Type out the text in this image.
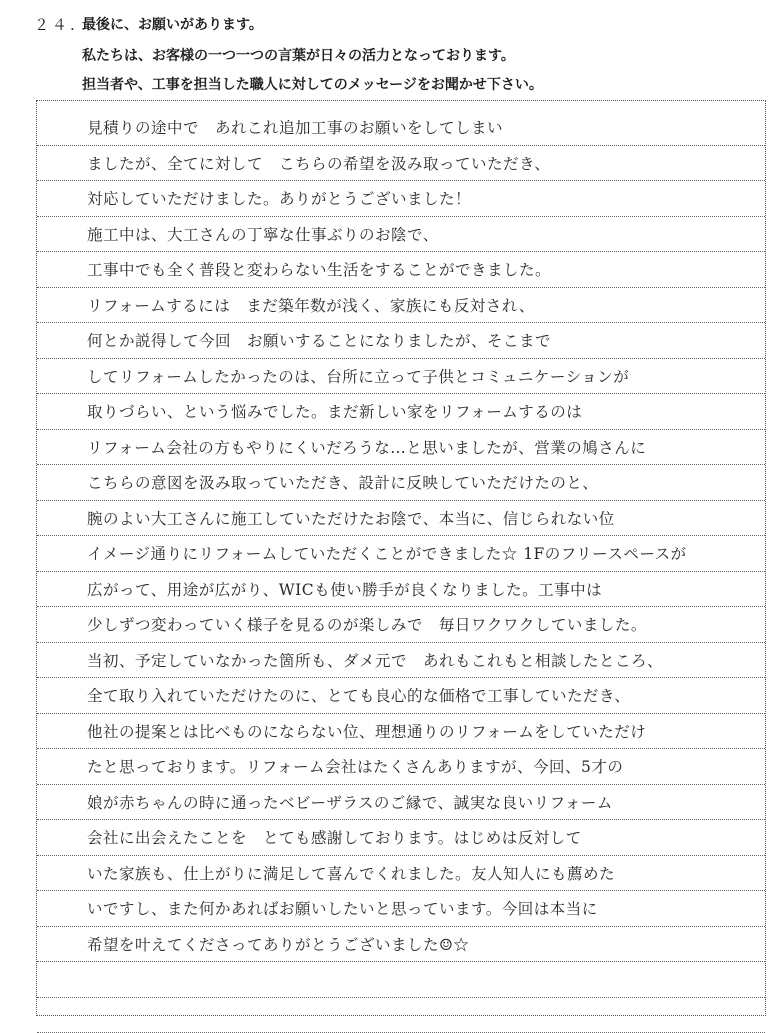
２４. 最後に、お願いがあります。
私たちは、お客様の一つ一つの言葉が日々の活力となっております。
担当者や、工事を担当した職人に対してのメッセージをお聞かせ下さい。
見積りの途中で　あれこれ追加工事のお願いをしてしまい
ましたが、全てに対して　こちらの希望を汲み取っていただき、
対応していただけました。ありがとうございました！
施工中は、大工さんの丁寧な仕事ぶりのお陰で、
工事中でも全く普段と変わらない生活をすることができました。
リフォームするには　まだ築年数が浅く、家族にも反対され、
何とか説得して今回　お願いすることになりましたが、そこまで
してリフォームしたかったのは、台所に立って子供とコミュニケーションが
取りづらい、という悩みでした。まだ新しい家をリフォームするのは
リフォーム会社の方もやりにくいだろうな…と思いましたが、営業の鳩さんに
こちらの意図を汲み取っていただき、設計に反映していただけたのと、
腕のよい大工さんに施工していただけたお陰で、本当に、信じられない位
イメージ通りにリフォームしていただくことができました☆ 1Fのフリースペースが
広がって、用途が広がり、WICも使い勝手が良くなりました。工事中は
少しずつ変わっていく様子を見るのが楽しみで　毎日ワクワクしていました。
当初、予定していなかった箇所も、ダメ元で　あれもこれもと相談したところ、
全て取り入れていただけたのに、とても良心的な価格で工事していただき、
他社の提案とは比べものにならない位、理想通りのリフォームをしていただけ
たと思っております。リフォーム会社はたくさんありますが、今回、5才の
娘が赤ちゃんの時に通ったベビーザラスのご縁で、誠実な良いリフォーム
会社に出会えたことを　とても感謝しております。はじめは反対して
いた家族も、仕上がりに満足して喜んでくれました。友人知人にも薦めた
いですし、また何かあればお願いしたいと思っています。今回は本当に
希望を叶えてくださってありがとうございました☺☆
